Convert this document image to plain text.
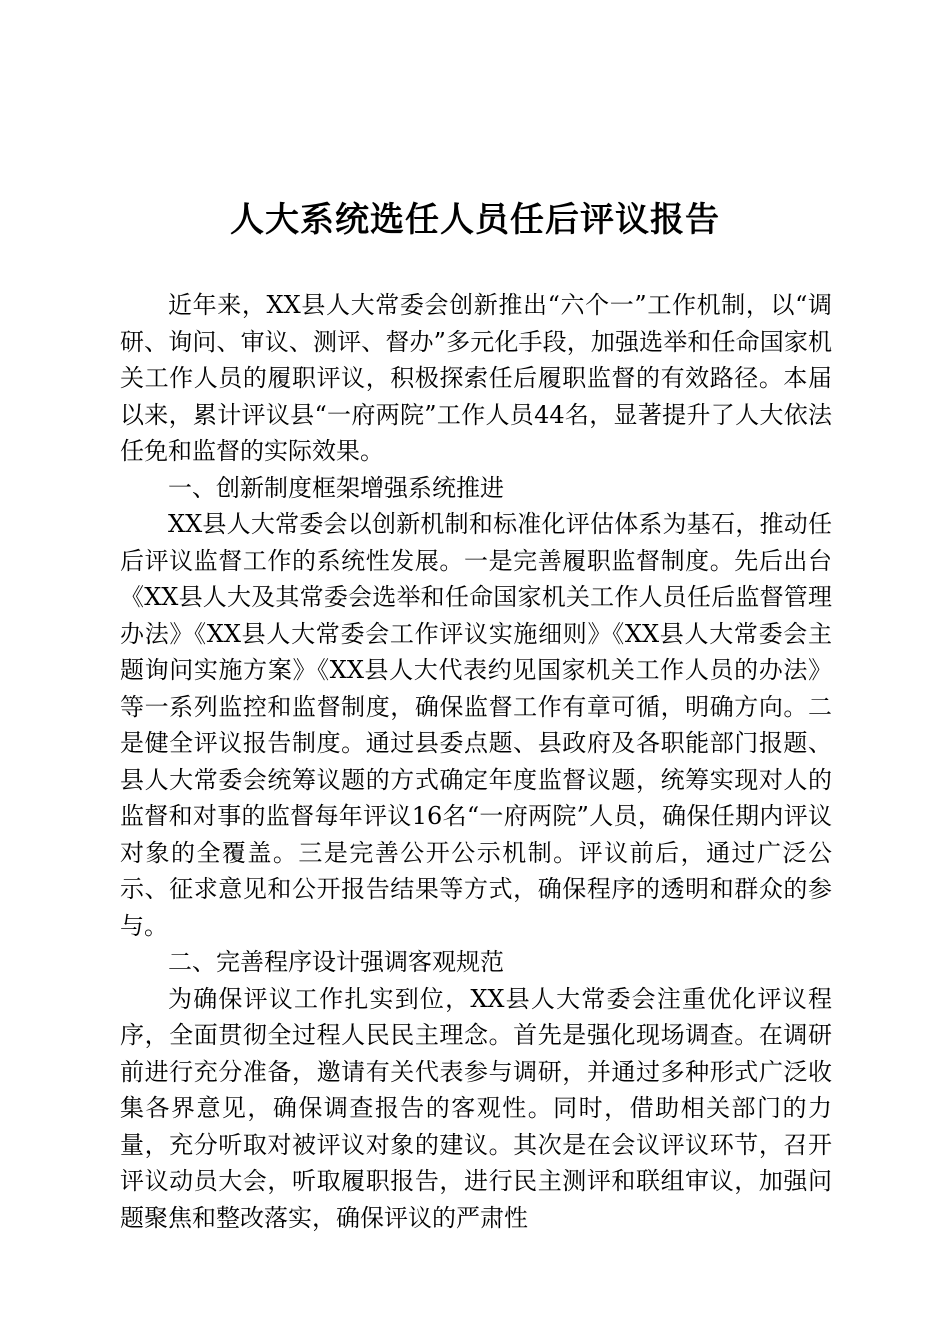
人大系统选任人员任后评议报告

近年来，XX县人大常委会创新推出“六个一”工作机制，以“调研、询问、审议、测评、督办”多元化手段，加强选举和任命国家机关工作人员的履职评议，积极探索任后履职监督的有效路径。本届以来，累计评议县“一府两院”工作人员44名，显著提升了人大依法任免和监督的实际效果。

一、创新制度框架增强系统推进

XX县人大常委会以创新机制和标准化评估体系为基石，推动任后评议监督工作的系统性发展。一是完善履职监督制度。先后出台《XX县人大及其常委会选举和任命国家机关工作人员任后监督管理办法》《XX县人大常委会工作评议实施细则》《XX县人大常委会主题询问实施方案》《XX县人大代表约见国家机关工作人员的办法》等一系列监控和监督制度，确保监督工作有章可循，明确方向。二是健全评议报告制度。通过县委点题、县政府及各职能部门报题、县人大常委会统筹议题的方式确定年度监督议题，统筹实现对人的监督和对事的监督每年评议16名“一府两院”人员，确保任期内评议对象的全覆盖。三是完善公开公示机制。评议前后，通过广泛公示、征求意见和公开报告结果等方式，确保程序的透明和群众的参与。

二、完善程序设计强调客观规范

为确保评议工作扎实到位，XX县人大常委会注重优化评议程序，全面贯彻全过程人民民主理念。首先是强化现场调查。在调研前进行充分准备，邀请有关代表参与调研，并通过多种形式广泛收集各界意见，确保调查报告的客观性。同时，借助相关部门的力量，充分听取对被评议对象的建议。其次是在会议评议环节，召开评议动员大会，听取履职报告，进行民主测评和联组审议，加强问题聚焦和整改落实，确保评议的严肃性
